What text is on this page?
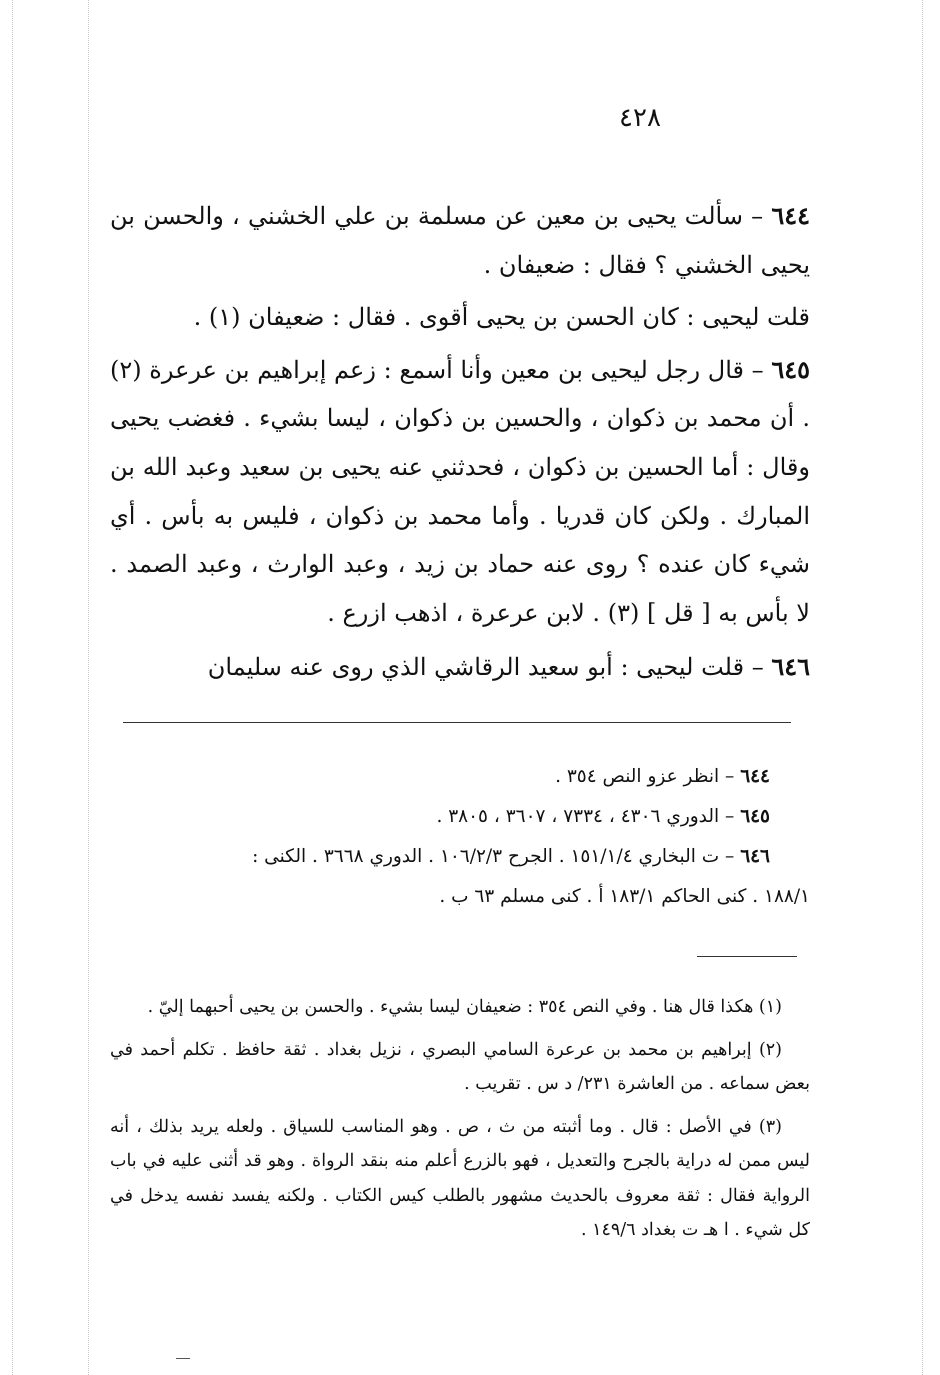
٤٢٨

٦٤٤ – سألت يحيى بن معين عن مسلمة بن علي الخشني ، والحسن بن يحيى الخشني ؟ فقال : ضعيفان .

قلت ليحيى : كان الحسن بن يحيى أقوى . فقال : ضعيفان (١) .

٦٤٥ – قال رجل ليحيى بن معين وأنا أسمع : زعم إبراهيم بن عرعرة (٢) . أن محمد بن ذكوان ، والحسين بن ذكوان ، ليسا بشيء . فغضب يحيى وقال : أما الحسين بن ذكوان ، فحدثني عنه يحيى بن سعيد وعبد الله بن المبارك . ولكن كان قدريا . وأما محمد بن ذكوان ، فليس به بأس . أي شيء كان عنده ؟ روى عنه حماد بن زيد ، وعبد الوارث ، وعبد الصمد . لا بأس به [ قل ] (٣) . لابن عرعرة ، اذهب ازرع .

٦٤٦ – قلت ليحيى : أبو سعيد الرقاشي الذي روى عنه سليمان

٦٤٤ – انظر عزو النص ٣٥٤ .

٦٤٥ – الدوري ٤٣٠٦ ، ٧٣٣٤ ، ٣٦٠٧ ، ٣٨٠٥ .

٦٤٦ – ت البخاري ١٥١/١/٤ . الجرح ١٠٦/٢/٣ . الدوري ٣٦٦٨ . الكنى :

١٨٨/١ . كنى الحاكم ١٨٣/١ أ . كنى مسلم ٦٣ ب .

(١) هكذا قال هنا . وفي النص ٣٥٤ : ضعيفان ليسا بشيء . والحسن بن يحيى أحبهما إليّ .

(٢) إبراهيم بن محمد بن عرعرة السامي البصري ، نزيل بغداد . ثقة حافظ . تكلم أحمد في بعض سماعه . من العاشرة ٢٣١/ د س . تقريب .

(٣) في الأصل : قال . وما أثبته من ث ، ص . وهو المناسب للسياق . ولعله يريد بذلك ، أنه ليس ممن له دراية بالجرح والتعديل ، فهو بالزرع أعلم منه بنقد الرواة . وهو قد أثنى عليه في باب الرواية فقال : ثقة معروف بالحديث مشهور بالطلب كيس الكتاب . ولكنه يفسد نفسه يدخل في كل شيء . ا هـ ت بغداد ١٤٩/٦ .
